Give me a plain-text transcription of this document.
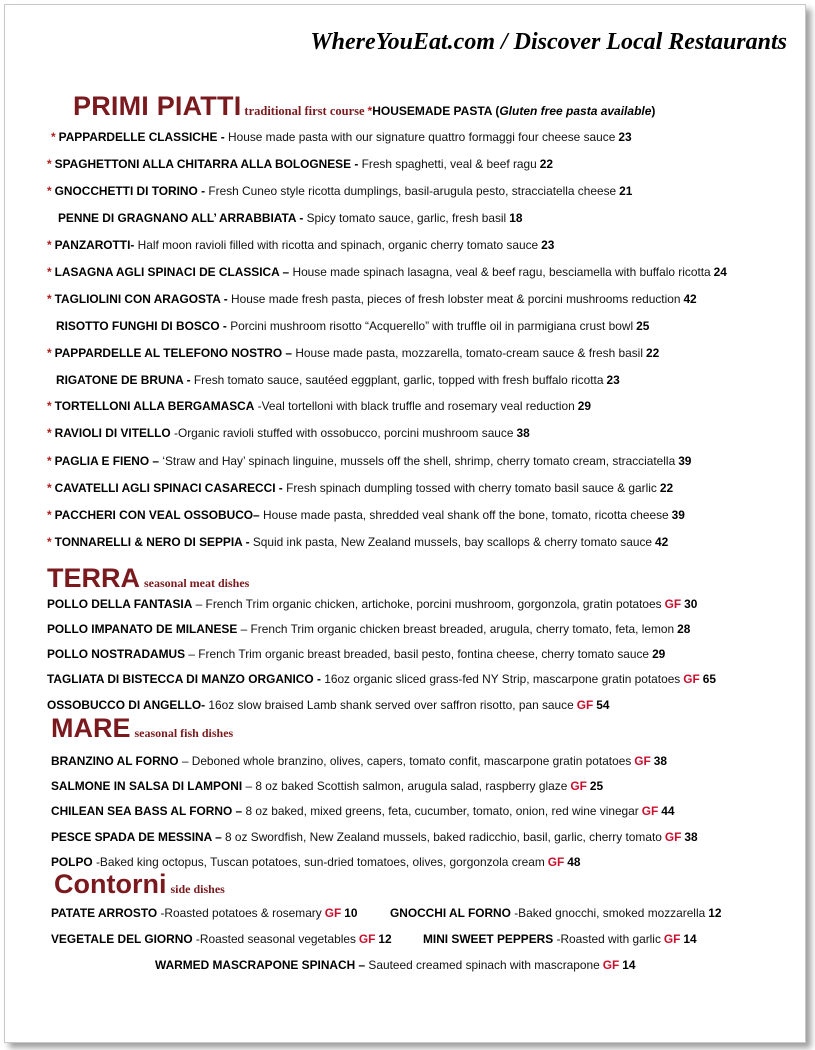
WhereYouEat.com / Discover Local Restaurants
PRIMI PIATTI traditional first course *HOUSEMADE PASTA (Gluten free pasta available)
* PAPPARDELLE CLASSICHE - House made pasta with our signature quattro formaggi four cheese sauce 23
* SPAGHETTONI ALLA CHITARRA ALLA BOLOGNESE - Fresh spaghetti, veal & beef ragu 22
* GNOCCHETTI DI TORINO - Fresh Cuneo style ricotta dumplings, basil-arugula pesto, stracciatella cheese 21
PENNE DI GRAGNANO ALL’ ARRABBIATA - Spicy tomato sauce, garlic, fresh basil 18
* PANZAROTTI- Half moon ravioli filled with ricotta and spinach, organic cherry tomato sauce 23
* LASAGNA AGLI SPINACI DE CLASSICA – House made spinach lasagna, veal & beef ragu, besciamella with buffalo ricotta 24
* TAGLIOLINI CON ARAGOSTA - House made fresh pasta, pieces of fresh lobster meat & porcini mushrooms reduction 42
RISOTTO FUNGHI DI BOSCO - Porcini mushroom risotto “Acquerello” with truffle oil in parmigiana crust bowl 25
* PAPPARDELLE AL TELEFONO NOSTRO – House made pasta, mozzarella, tomato-cream sauce & fresh basil 22
RIGATONE DE BRUNA - Fresh tomato sauce, sautéed eggplant, garlic, topped with fresh buffalo ricotta 23
* TORTELLONI ALLA BERGAMASCA -Veal tortelloni with black truffle and rosemary veal reduction 29
* RAVIOLI DI VITELLO -Organic ravioli stuffed with ossobucco, porcini mushroom sauce 38
* PAGLIA E FIENO – ‘Straw and Hay’ spinach linguine, mussels off the shell, shrimp, cherry tomato cream, stracciatella 39
* CAVATELLI AGLI SPINACI CASARECCI - Fresh spinach dumpling tossed with cherry tomato basil sauce & garlic 22
* PACCHERI CON VEAL OSSOBUCO– House made pasta, shredded veal shank off the bone, tomato, ricotta cheese 39
* TONNARELLI & NERO DI SEPPIA - Squid ink pasta, New Zealand mussels, bay scallops & cherry tomato sauce 42
TERRA seasonal meat dishes
POLLO DELLA FANTASIA – French Trim organic chicken, artichoke, porcini mushroom, gorgonzola, gratin potatoes GF 30
POLLO IMPANATO DE MILANESE – French Trim organic chicken breast breaded, arugula, cherry tomato, feta, lemon 28
POLLO NOSTRADAMUS – French Trim organic breast breaded, basil pesto, fontina cheese, cherry tomato sauce 29
TAGLIATA DI BISTECCA DI MANZO ORGANICO - 16oz organic sliced grass-fed NY Strip, mascarpone gratin potatoes GF 65
OSSOBUCCO DI ANGELLO- 16oz slow braised Lamb shank served over saffron risotto, pan sauce GF 54
MARE seasonal fish dishes
BRANZINO AL FORNO – Deboned whole branzino, olives, capers, tomato confit, mascarpone gratin potatoes GF 38
SALMONE IN SALSA DI LAMPONI – 8 oz baked Scottish salmon, arugula salad, raspberry glaze GF 25
CHILEAN SEA BASS AL FORNO – 8 oz baked, mixed greens, feta, cucumber, tomato, onion, red wine vinegar GF 44
PESCE SPADA DE MESSINA – 8 oz Swordfish, New Zealand mussels, baked radicchio, basil, garlic, cherry tomato GF 38
POLPO -Baked king octopus, Tuscan potatoes, sun-dried tomatoes, olives, gorgonzola cream GF 48
Contorni side dishes
PATATE ARROSTO -Roasted potatoes & rosemary GF 10	GNOCCHI AL FORNO -Baked gnocchi, smoked mozzarella 12
VEGETALE DEL GIORNO -Roasted seasonal vegetables GF 12	MINI SWEET PEPPERS -Roasted with garlic GF 14
WARMED MASCRAPONE SPINACH – Sauteed creamed spinach with mascrapone GF 14
